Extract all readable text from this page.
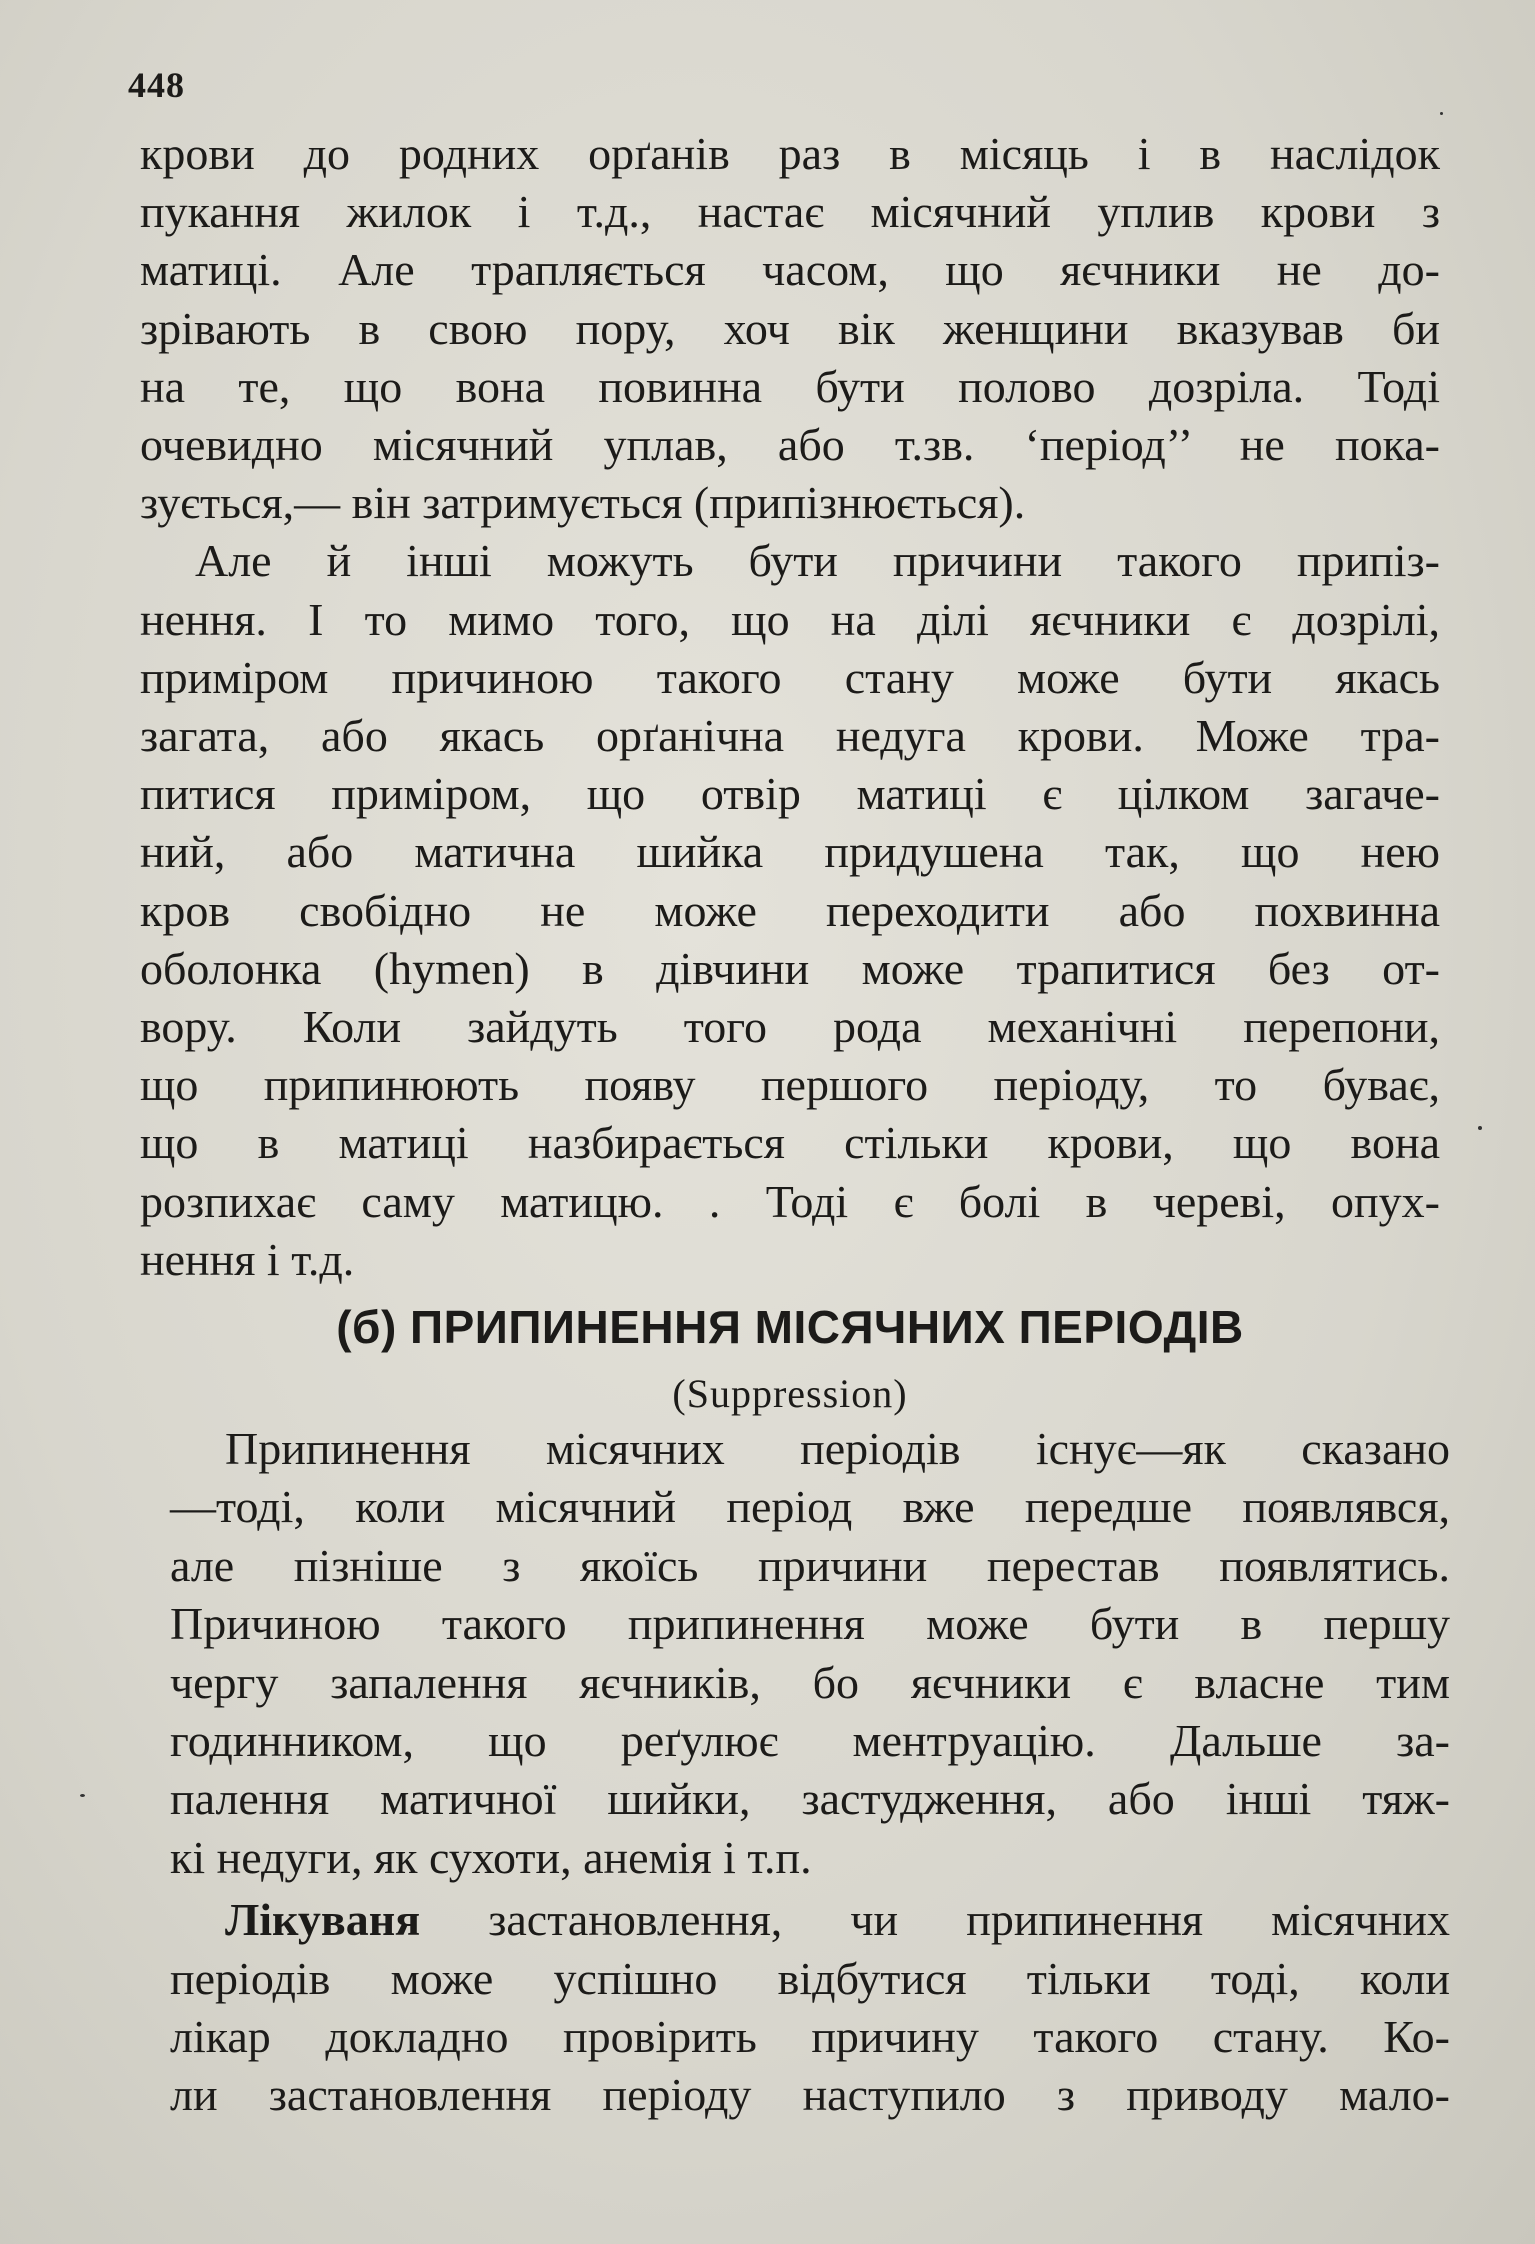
448

крови до родних орґанів раз в місяць і в наслідок
пукання жилок і т.д., настає місячний уплив крови з
матиці. Але трапляється часом, що яєчники не до-
зрівають в свою пору, хоч вік женщини вказував би
на те, що вона повинна бути полово дозріла. Тоді
очевидно місячний уплав, або т.зв. ‘період’’ не пока-
зується,— він затримується (припізнюється).

Але й інші можуть бути причини такого припіз-
нення. І то мимо того, що на ділі яєчники є дозрілі,
приміром причиною такого стану може бути якась
загата, або якась орґанічна недуга крови. Може тра-
питися приміром, що отвір матиці є цілком загаче-
ний, або матична шийка придушена так, що нею
кров свобідно не може переходити або похвинна
оболонка (hymen) в дівчини може трапитися без от-
вору. Коли зайдуть того рода механічні перепони,
що припинюють появу першого періоду, то буває,
що в матиці назбирається стільки крови, що вона
розпихає саму матицю. . Тоді є болі в череві, опух-
нення і т.д.

(б) ПРИПИНЕННЯ МІСЯЧНИХ ПЕРІОДІВ
(Suppression)

Припинення місячних періодів існує—як сказано
—тоді, коли місячний період вже передше появлявся,
але пізніше з якоїсь причини перестав появлятись.
Причиною такого припинення може бути в першу
чергу запалення яєчників, бо яєчники є власне тим
годинником, що реґулює ментруацію. Дальше за-
палення матичної шийки, застудження, або інші тяж-
кі недуги, як сухоти, анемія і т.п.

Лікуваня застановлення, чи припинення місячних
періодів може успішно відбутися тільки тоді, коли
лікар докладно провірить причину такого стану. Ко-
ли застановлення періоду наступило з приводу мало-
